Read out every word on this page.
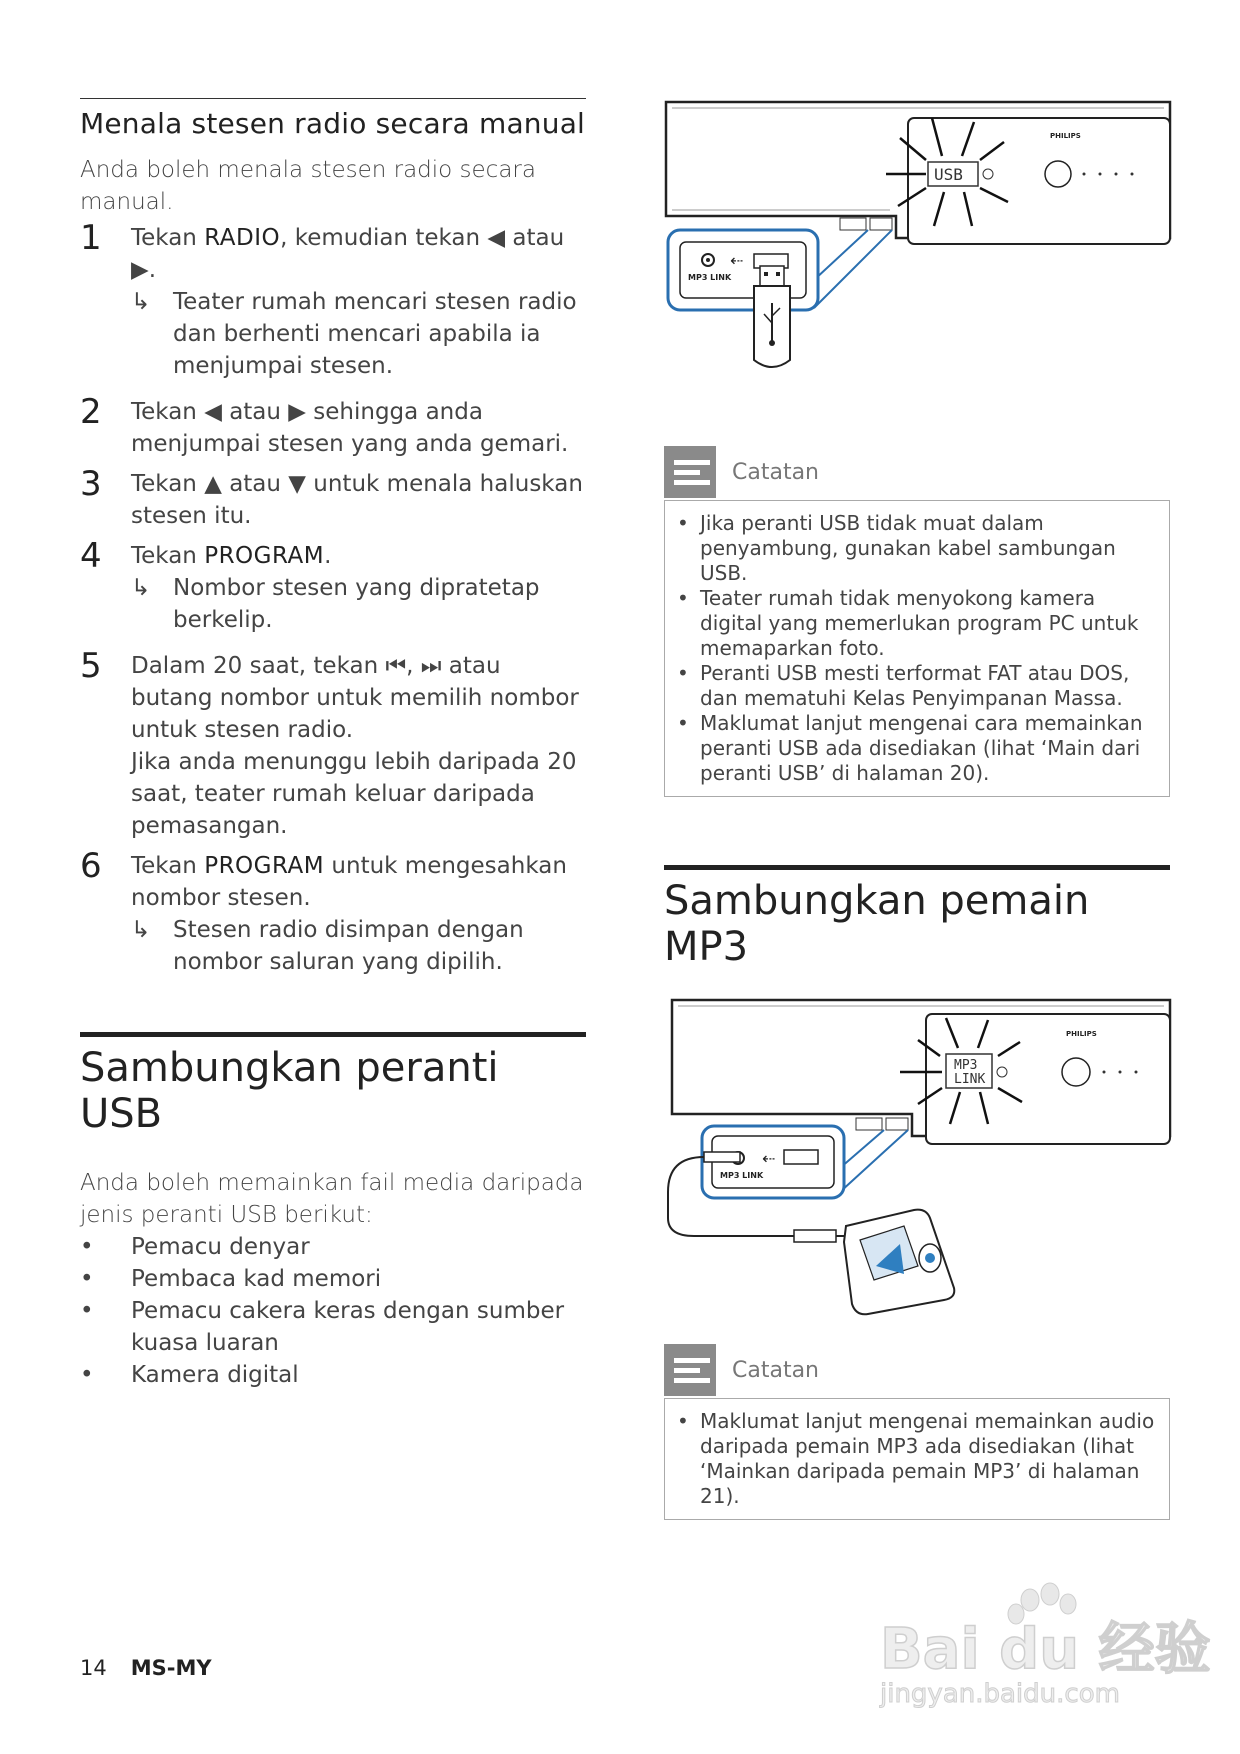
Menala stesen radio secara manual

Anda boleh menala stesen radio secara manual.

1 Tekan RADIO, kemudian tekan ◀ atau ▶.
↳ Teater rumah mencari stesen radio dan berhenti mencari apabila ia menjumpai stesen.
2 Tekan ◀ atau ▶ sehingga anda menjumpai stesen yang anda gemari.
3 Tekan ▲ atau ▼ untuk menala haluskan stesen itu.
4 Tekan PROGRAM.
↳ Nombor stesen yang dipratetap berkelip.
5 Dalam 20 saat, tekan ⏮, ⏭ atau butang nombor untuk memilih nombor untuk stesen radio.
Jika anda menunggu lebih daripada 20 saat, teater rumah keluar daripada pemasangan.
6 Tekan PROGRAM untuk mengesahkan nombor stesen.
↳ Stesen radio disimpan dengan nombor saluran yang dipilih.
Sambungkan peranti USB

Anda boleh memainkan fail media daripada jenis peranti USB berikut:

• Pemacu denyar
• Pembaca kad memori
• Pemacu cakera keras dengan sumber kuasa luaran
• Kamera digital
PHILIPS
USB
MP3 LINK
⇠
Catatan
• Jika peranti USB tidak muat dalam penyambung, gunakan kabel sambungan USB.
• Teater rumah tidak menyokong kamera digital yang memerlukan program PC untuk memaparkan foto.
• Peranti USB mesti terformat FAT atau DOS, dan mematuhi Kelas Penyimpanan Massa.
• Maklumat lanjut mengenai cara memainkan peranti USB ada disediakan (lihat ‘Main dari peranti USB’ di halaman 20).
Sambungkan pemain MP3
PHILIPS
MP3
LINK
MP3 LINK
⇠
Catatan
• Maklumat lanjut mengenai memainkan audio daripada pemain MP3 ada disediakan (lihat ‘Mainkan daripada pemain MP3’ di halaman 21).
14 MS-MY	Bai du 经验
jingyan.baidu.com
